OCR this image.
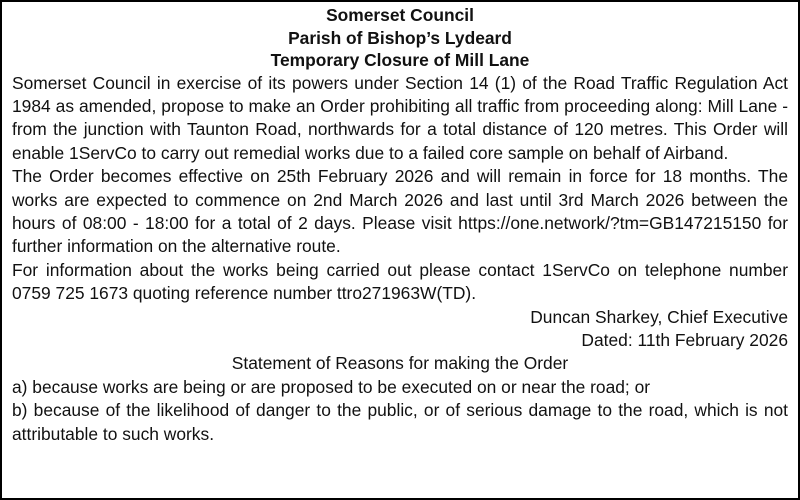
Somerset Council
Parish of Bishop’s Lydeard
Temporary Closure of Mill Lane

Somerset Council in exercise of its powers under Section 14 (1) of the Road Traffic Regulation Act 1984 as amended, propose to make an Order prohibiting all traffic from proceeding along: Mill Lane - from the junction with Taunton Road, northwards for a total distance of 120 metres. This Order will enable 1ServCo to carry out remedial works due to a failed core sample on behalf of Airband.

The Order becomes effective on 25th February 2026 and will remain in force for 18 months. The works are expected to commence on 2nd March 2026 and last until 3rd March 2026 between the hours of 08:00 - 18:00 for a total of 2 days. Please visit https://one.network/?tm=GB147215150 for further information on the alternative route.

For information about the works being carried out please contact 1ServCo on telephone number 0759 725 1673 quoting reference number ttro271963W(TD).

Duncan Sharkey, Chief Executive
Dated: 11th February 2026
Statement of Reasons for making the Order
a) because works are being or are proposed to be executed on or near the road; or
b) because of the likelihood of danger to the public, or of serious damage to the road, which is not attributable to such works.
